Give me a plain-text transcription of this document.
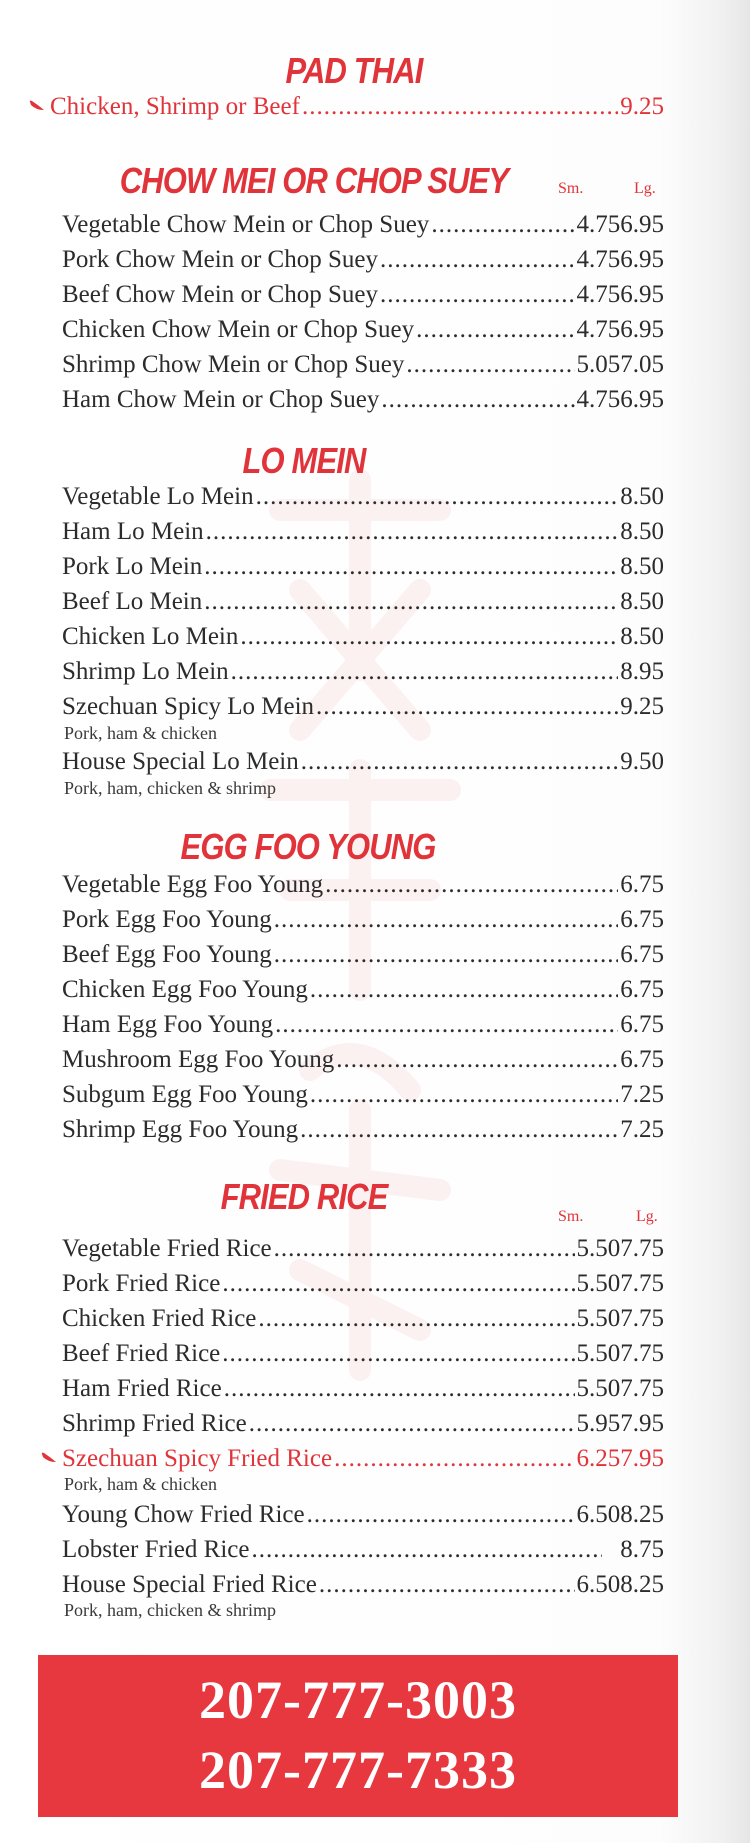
PAD THAI
Chicken, Shrimp or Beef .....	9.25
CHOW MEI OR CHOP SUEY	Sm.	Lg.
Vegetable Chow Mein or Chop Suey .....	4.75 6.95
Pork Chow Mein or Chop Suey .....	4.75 6.95
Beef Chow Mein or Chop Suey .....	4.75 6.95
Chicken Chow Mein or Chop Suey .....	4.75 6.95
Shrimp Chow Mein or Chop Suey .....	5.05 7.05
Ham Chow Mein or Chop Suey .....	4.75 6.95
LO MEIN
Vegetable Lo Mein .....	8.50
Ham Lo Mein .....	8.50
Pork Lo Mein .....	8.50
Beef Lo Mein .....	8.50
Chicken Lo Mein .....	8.50
Shrimp Lo Mein .....	8.95
Szechuan Spicy Lo Mein .....	9.25
Pork, ham & chicken
House Special Lo Mein .....	9.50
Pork, ham, chicken & shrimp
EGG FOO YOUNG
Vegetable Egg Foo Young .....	6.75
Pork Egg Foo Young .....	6.75
Beef Egg Foo Young .....	6.75
Chicken Egg Foo Young .....	6.75
Ham Egg Foo Young .....	6.75
Mushroom Egg Foo Young .....	6.75
Subgum Egg Foo Young .....	7.25
Shrimp Egg Foo Young .....	7.25
FRIED RICE	Sm.	Lg.
Vegetable Fried Rice .....	5.50 7.75
Pork Fried Rice .....	5.50 7.75
Chicken Fried Rice .....	5.50 7.75
Beef Fried Rice .....	5.50 7.75
Ham Fried Rice .....	5.50 7.75
Shrimp Fried Rice .....	5.95 7.95
Szechuan Spicy Fried Rice .....	6.25 7.95
Pork, ham & chicken
Young Chow Fried Rice .....	6.50 8.25
Lobster Fried Rice .....	8.75
House Special Fried Rice .....	6.50 8.25
Pork, ham, chicken & shrimp
207-777-3003
207-777-7333
